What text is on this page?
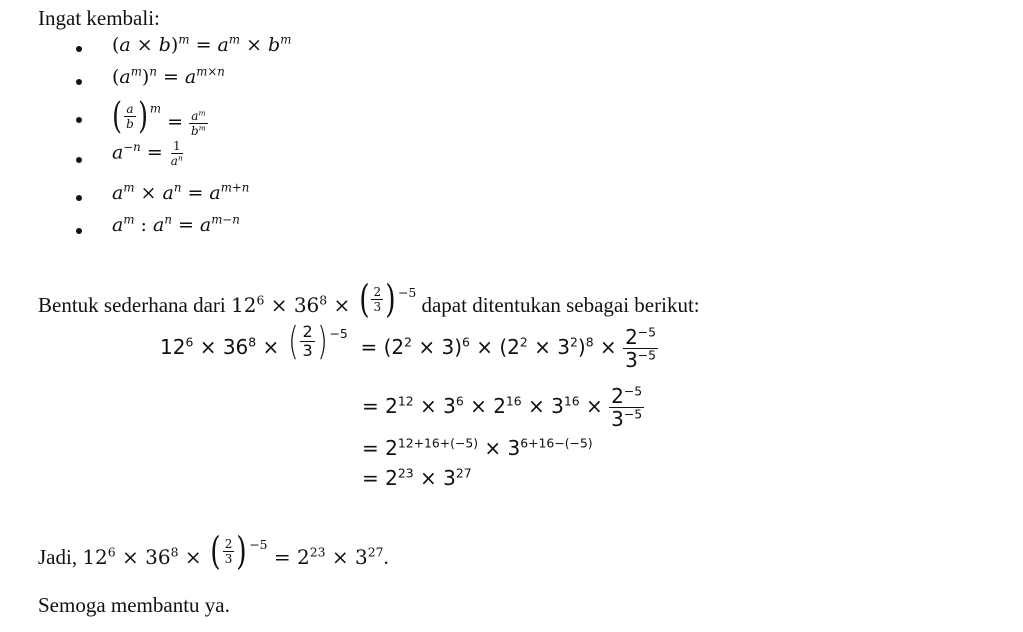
Ingat kembali:
$(a \times b)^m = a^m \times b^m$
$(a^m)^n = a^{m\times n}$
( $\frac{a}{b}$ ) $^m = \frac{a^m}{b^m}$
$a^{-n} = \frac{1}{a^n}$
$a^m \times a^n = a^{m+n}$
$a^m$ : $a^n = a^{m-n}$
Bentuk sederhana dari $12^6 \times 36^8$ × ( $\frac{2}{3}$ ) $^{-5}$ dapat ditentukan sebagai berikut:
$12^6 \times 36^8$ × ( $\frac{2}{3}$ ) $^{-5} = (2^2 \times 3)^6 \times (2^2 \times 3^2)^8 \times \frac{2^{-5}}{3^{-5}}$
= $2^{12} \times 3^6 \times 2^{16} \times 3^{16} \times \frac{2^{-5}}{3^{-5}}$
= $2^{12+16+(-5)} \times 3^{6+16-(-5)}$
= $2^{23} \times 3^{27}$
Jadi, $12^6 \times 36^8$ × ( $\frac{2}{3}$ ) $^{-5} = 2^{23} \times 3^{27}$.
Semoga membantu ya.
